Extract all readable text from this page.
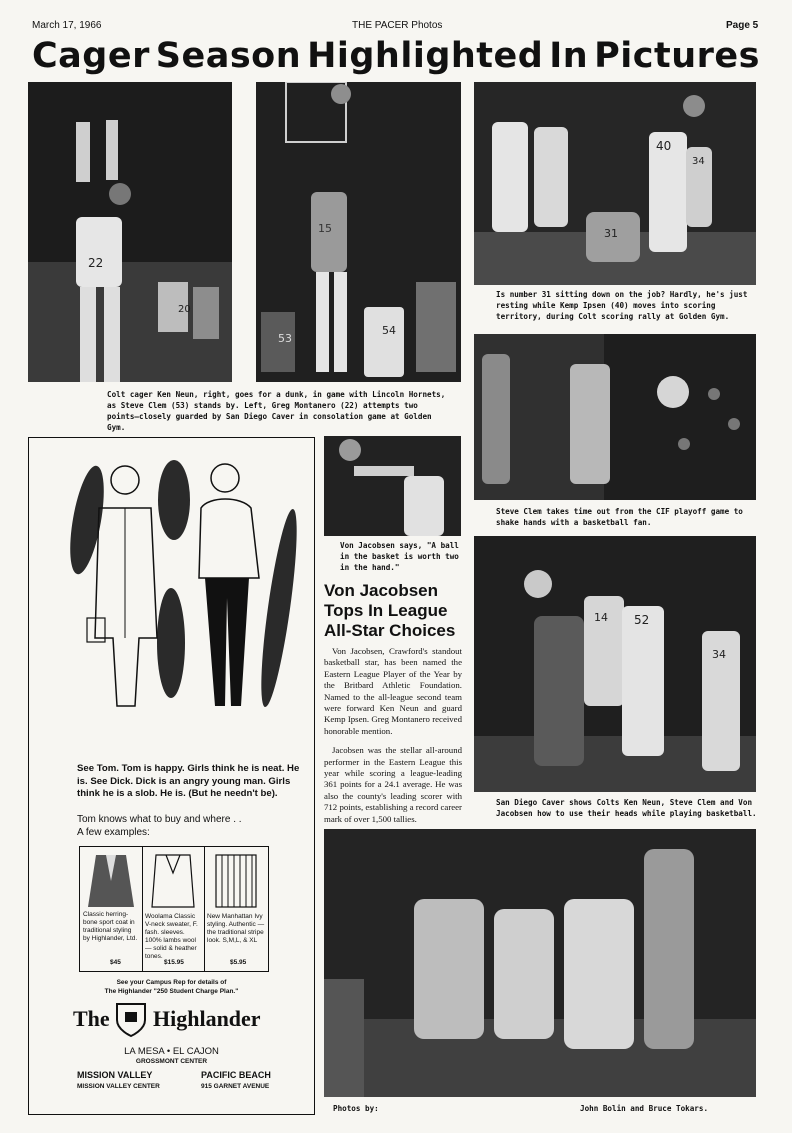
March 17, 1966	THE PACER Photos	Page 5
Cager Season Highlighted In Pictures
22
20
53
54
15
Colt cager Ken Neun, right, goes for a dunk, in game with Lincoln Hornets, as Steve Clem (53) stands by. Left, Greg Montanero (22) attempts two points—closely guarded by San Diego Caver in consolation game at Golden Gym.
40
34
31
Is number 31 sitting down on the job? Hardly, he's just resting while Kemp Ipsen (40) moves into scoring territory, during Colt scoring rally at Golden Gym.
Steve Clem takes time out from the CIF playoff game to shake hands with a basketball fan.
Von Jacobsen says, "A ball in the basket is worth two in the hand."
Von Jacobsen
Tops In League
All-Star Choices

Von Jacobsen, Crawford's standout basketball star, has been named the Eastern League Player of the Year by the Britbard Athletic Foundation. Named to the all-league second team were forward Ken Neun and guard Kemp Ipsen. Greg Montanero received honorable mention.

Jacobsen was the stellar all-around performer in the Eastern League this year while scoring a league-leading 361 points for a 24.1 average. He was also the county's leading scorer with 712 points, establishing a record career mark of over 1,500 tallies.

14 52
34
San Diego Caver shows Colts Ken Neun, Steve Clem and Von Jacobsen how to use their heads while playing basketball.
Photos by:	John Bolin and Bruce Tokars.
See Tom. Tom is happy. Girls think he is neat. He is. See Dick. Dick is an angry young man. Girls think he is a slob. He is. (But he needn't be).
Tom knows what to buy and where . .
A few examples:
Classic herring-bone sport coat in traditional styling by Highlander, Ltd.
$45
Woolama Classic V-neck sweater, F. fash. sleeves. 100% lambs wool — solid & heather tones.
$15.95
New Manhattan Ivy styling. Authentic — the traditional stripe look. S,M,L, & XL
$5.95
See your Campus Rep for details of
The Highlander "250 Student Charge Plan."
The Highlander
LA MESA • EL CAJON
GROSSMONT CENTER
MISSION VALLEY
MISSION VALLEY CENTER
PACIFIC BEACH
915 GARNET AVENUE
